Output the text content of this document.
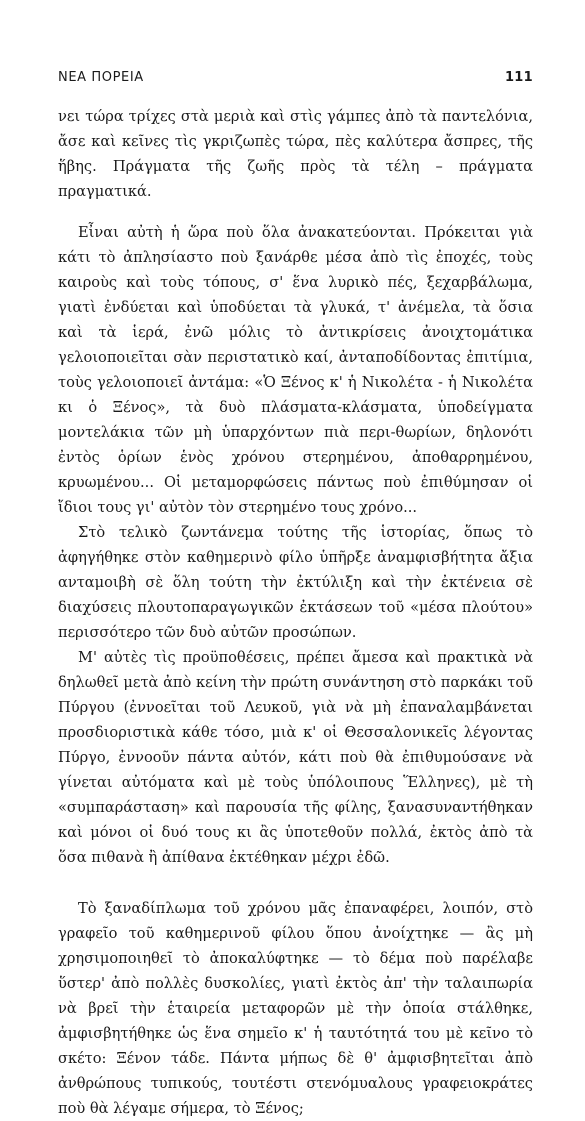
ΝΕΑ ΠΟΡΕΙΑ	111

νει τώρα τρίχες στὰ μεριὰ καὶ στὶς γάμπες ἀπὸ τὰ παντελόνια, ἄσε καὶ κεῖνες τὶς γκριζωπὲς τώρα, πὲς καλύτερα ἄσπρες, τῆς ἥβης. Πράγματα τῆς ζωῆς πρὸς τὰ τέλη – πράγματα πραγματικά.

Εἶναι αὐτὴ ἡ ὥρα ποὺ ὅλα ἀνακατεύονται. Πρόκειται γιὰ κάτι τὸ ἀπλησίαστο ποὺ ξανάρθε μέσα ἀπὸ τὶς ἐποχές, τοὺς καιροὺς καὶ τοὺς τόπους, σ' ἕνα λυρικὸ πές, ξεχαρβάλωμα, γιατὶ ἐνδύεται καὶ ὑποδύεται τὰ γλυκά, τ' ἀνέμελα, τὰ ὅσια καὶ τὰ ἱερά, ἐνῶ μόλις τὸ ἀντικρίσεις ἀνοιχτομάτικα γελοιοποιεῖται σὰν περιστατικὸ καί, ἀνταποδίδοντας ἐπιτίμια, τοὺς γελοιοποιεῖ ἀντάμα: «Ὁ Ξένος κ' ἡ Νικολέτα - ἡ Νικολέτα κι ὁ Ξένος», τὰ δυὸ πλάσματα-κλάσματα, ὑποδείγματα μοντελάκια τῶν μὴ ὑπαρχόντων πιὰ περι-θωρίων, δηλονότι ἐντὸς ὁρίων ἑνὸς χρόνου στερημένου, ἀποθαρρημένου, κρυωμένου... Οἱ μεταμορφώσεις πάντως ποὺ ἐπιθύμησαν οἱ ἴδιοι τους γι' αὐτὸν τὸν στερημένο τους χρόνο...

Στὸ τελικὸ ζωντάνεμα τούτης τῆς ἱστορίας, ὅπως τὸ ἀφηγήθηκε στὸν καθημερινὸ φίλο ὑπῆρξε ἀναμφισβήτητα ἄξια ανταμοιβὴ σὲ ὅλη τούτη τὴν ἐκτύλιξη καὶ τὴν ἐκτένεια σὲ διαχύσεις πλουτοπαραγωγικῶν ἐκτάσεων τοῦ «μέσα πλούτου» περισσότερο τῶν δυὸ αὐτῶν προσώπων.

Μ' αὐτὲς τὶς προϋποθέσεις, πρέπει ἄμεσα καὶ πρακτικὰ νὰ δηλωθεῖ μετὰ ἀπὸ κείνη τὴν πρώτη συνάντηση στὸ παρκάκι τοῦ Πύργου (ἐννοεῖται τοῦ Λευκοῦ, γιὰ νὰ μὴ ἐπαναλαμβάνεται προσδιοριστικὰ κάθε τόσο, μιὰ κ' οἱ Θεσσαλονικεῖς λέγοντας Πύργο, ἐννοοῦν πάντα αὐτόν, κάτι ποὺ θὰ ἐπιθυμούσανε νὰ γίνεται αὐτόματα καὶ μὲ τοὺς ὑπόλοιπους Ἕλληνες), μὲ τὴ «συμπαράσταση» καὶ παρουσία τῆς φίλης, ξανασυναντήθηκαν καὶ μόνοι οἱ δυό τους κι ἂς ὑποτεθοῦν πολλά, ἐκτὸς ἀπὸ τὰ ὅσα πιθανὰ ἢ ἀπίθανα ἐκτέθηκαν μέχρι ἐδῶ.

Τὸ ξαναδίπλωμα τοῦ χρόνου μᾶς ἐπαναφέρει, λοιπόν, στὸ γραφεῖο τοῦ καθημερινοῦ φίλου ὅπου ἀνοίχτηκε — ἂς μὴ χρησιμοποιηθεῖ τὸ ἀποκαλύφτηκε — τὸ δέμα ποὺ παρέλαβε ὕστερ' ἀπὸ πολλὲς δυσκολίες, γιατὶ ἐκτὸς ἀπ' τὴν ταλαιπωρία νὰ βρεῖ τὴν ἑταιρεία μεταφορῶν μὲ τὴν ὁποία στάλθηκε, ἀμφισβητήθηκε ὡς ἕνα σημεῖο κ' ἡ ταυτότητά του μὲ κεῖνο τὸ σκέτο: Ξένον τάδε. Πάντα μήπως δὲ θ' ἀμφισβητεῖται ἀπὸ ἀνθρώπους τυπικούς, τουτέστι στενόμυαλους γραφειοκράτες ποὺ θὰ λέγαμε σήμερα, τὸ Ξένος;
